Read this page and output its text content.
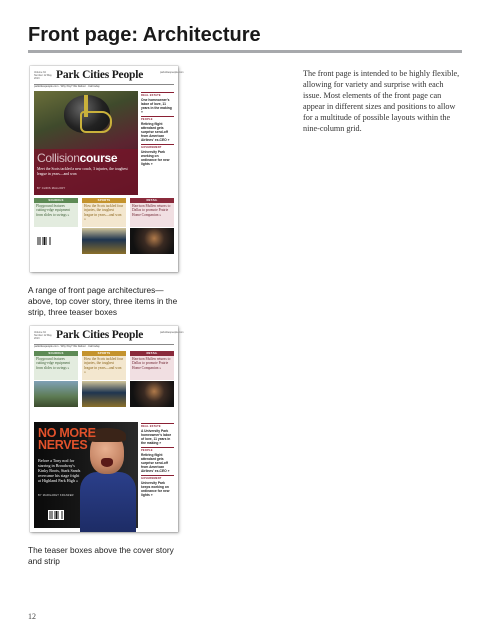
Front page: Architecture

The front page is intended to be highly flexible, allowing for variety and surprise with each issue. Most elements of the front page can appear in different sizes and positions to allow for a multitude of possible layouts within the nine-column grid.

Volume 34 Number 12 May 2013	Park Cities People	parkcitiespeople.com
parkcitiespeople.com · Why Pay? We Deliver · Call today
Collisioncourse
Meet the Scots tackled a new coach, 3 injuries, the toughest league in years—and won
BY CHRIS MALLORY
REAL ESTATE
One homeowner's labor of love, 11 years in the making »
PEOPLE
Retiring flight attendant gets surprise send-off from American Airlines' ex-CEO »
GOVERNMENT
University Park working on ordinance for new lights »
SCHOOLS
Playground features cutting-edge equipment from slides to swings »
SPORTS
How the Scots tackled four injuries, the toughest league in years—and won »
RETAIL
Harrison Mullen returns to Dallas to promote Prairie Home Companion »

A range of front page architectures—above, top cover story, three items in the strip, three teaser boxes

Volume 34 Number 12 May 2013	Park Cities People	parkcitiespeople.com
parkcitiespeople.com · Why Pay? We Deliver · Call today
SCHOOLS
Playground features cutting-edge equipment from slides to swings »
SPORTS
How the Scots tackled four injuries, the toughest league in years—and won »
RETAIL
Harrison Mullen returns to Dallas to promote Prairie Home Companion »
NO MORE
NERVES
Before a Tony nod for starring in Broadway's Kinky Boots, Stark Sands overcame his stage fright at Highland Park High »
BY MARGARET KRANZER
REAL ESTATE
A University Park homeowner's labor of love, 11 years in the making »
PEOPLE
Retiring flight attendant gets surprise send-off from American Airlines' ex-CEO »
GOVERNMENT
University Park keeps working on ordinance for new lights »

The teaser boxes above the cover story and strip

12
